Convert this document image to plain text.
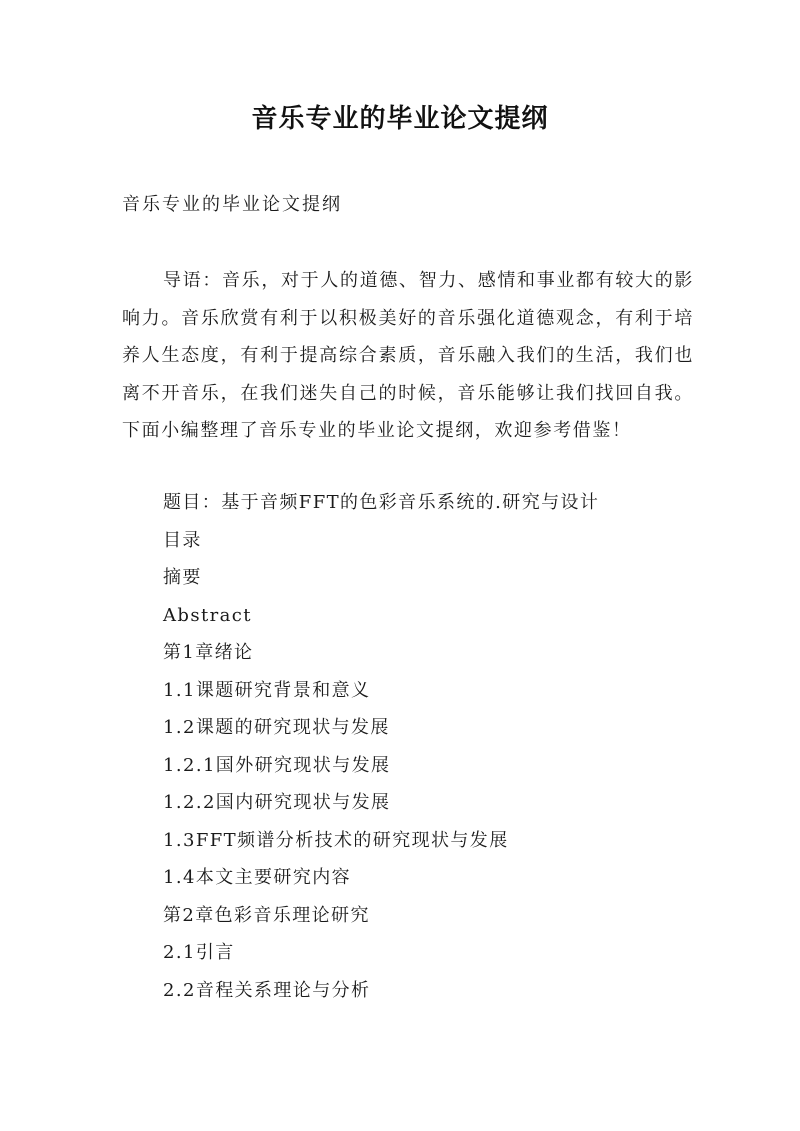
音乐专业的毕业论文提纲

音乐专业的毕业论文提纲

导语：音乐，对于人的道德、智力、感情和事业都有较大的影响力。音乐欣赏有利于以积极美好的音乐强化道德观念，有利于培养人生态度，有利于提高综合素质，音乐融入我们的生活，我们也离不开音乐，在我们迷失自己的时候，音乐能够让我们找回自我。下面小编整理了音乐专业的毕业论文提纲，欢迎参考借鉴！

题目：基于音频FFT的色彩音乐系统的.研究与设计
目录
摘要
Abstract
第1章绪论
1.1课题研究背景和意义
1.2课题的研究现状与发展
1.2.1国外研究现状与发展
1.2.2国内研究现状与发展
1.3FFT频谱分析技术的研究现状与发展
1.4本文主要研究内容
第2章色彩音乐理论研究
2.1引言
2.2音程关系理论与分析
